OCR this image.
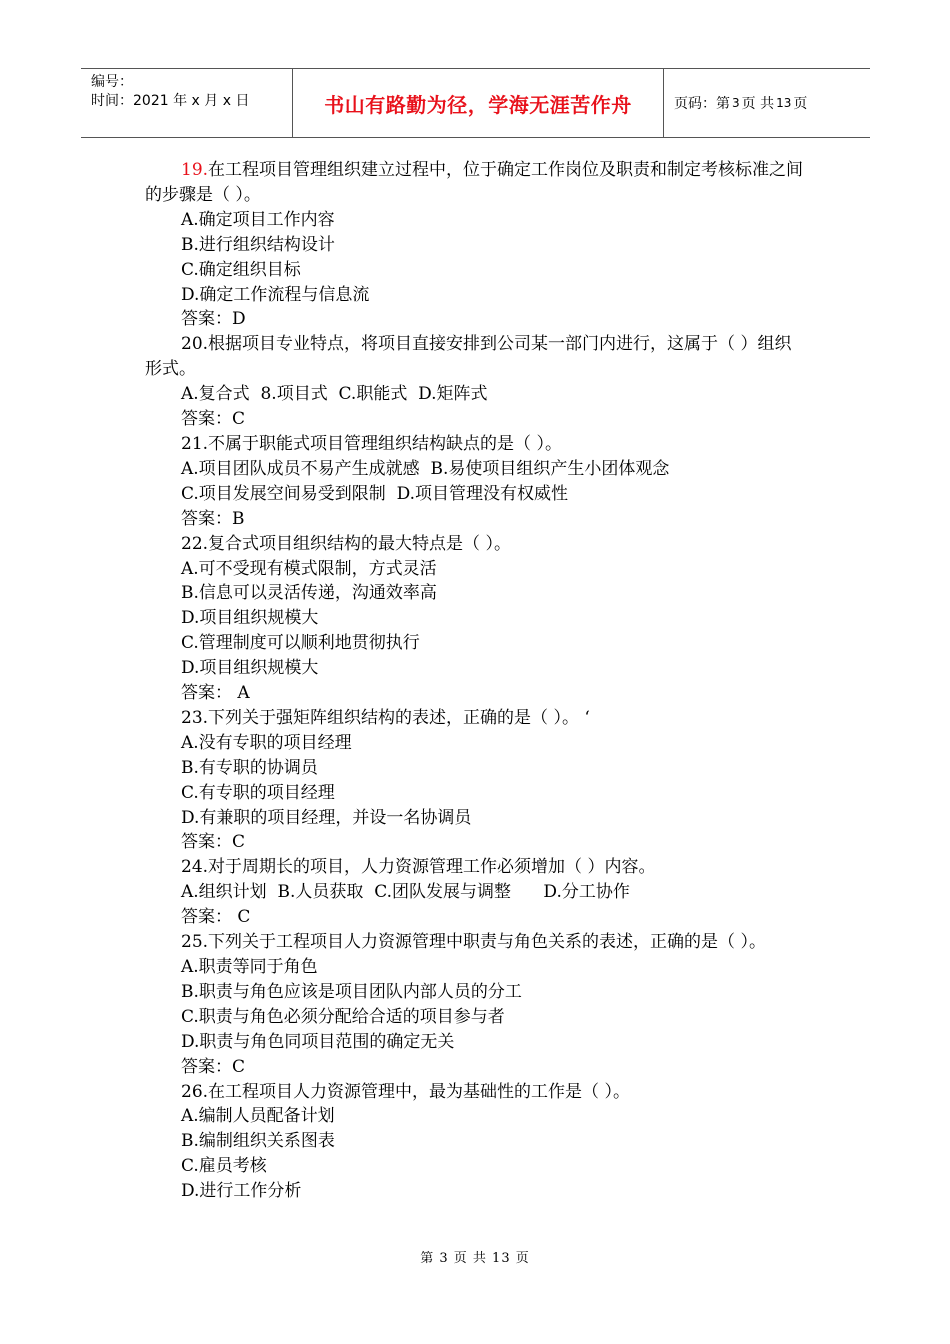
编号：
时间：2021 年 x 月 x 日	书山有路勤为径，学海无涯苦作舟	页码：第 3 页 共 13 页

19.在工程项目管理组织建立过程中，位于确定工作岗位及职责和制定考核标准之间的步骤是（ ）。

A.确定项目工作内容

B.进行组织结构设计

C.确定组织目标

D.确定工作流程与信息流

答案：D

20.根据项目专业特点，将项目直接安排到公司某一部门内进行，这属于（ ）组织形式。

A.复合式  8.项目式  C.职能式  D.矩阵式

答案：C

21.不属于职能式项目管理组织结构缺点的是（ ）。

A.项目团队成员不易产生成就感  B.易使项目组织产生小团体观念

C.项目发展空间易受到限制  D.项目管理没有权威性

答案：B

22.复合式项目组织结构的最大特点是（ ）。

A.可不受现有模式限制，方式灵活

B.信息可以灵活传递，沟通效率高

D.项目组织规模大

C.管理制度可以顺利地贯彻执行

D.项目组织规模大

答案： A

23.下列关于强矩阵组织结构的表述，正确的是（ ）。 ‘

A.没有专职的项目经理

B.有专职的协调员

C.有专职的项目经理

D.有兼职的项目经理，并设一名协调员

答案：C

24.对于周期长的项目，人力资源管理工作必须增加（ ）内容。

A.组织计划  B.人员获取  C.团队发展与调整      D.分工协作

答案： C

25.下列关于工程项目人力资源管理中职责与角色关系的表述，正确的是（ ）。

A.职责等同于角色

B.职责与角色应该是项目团队内部人员的分工

C.职责与角色必须分配给合适的项目参与者

D.职责与角色同项目范围的确定无关

答案：C

26.在工程项目人力资源管理中，最为基础性的工作是（ ）。

A.编制人员配备计划

B.编制组织关系图表

C.雇员考核

D.进行工作分析

第 3 页 共 13 页
